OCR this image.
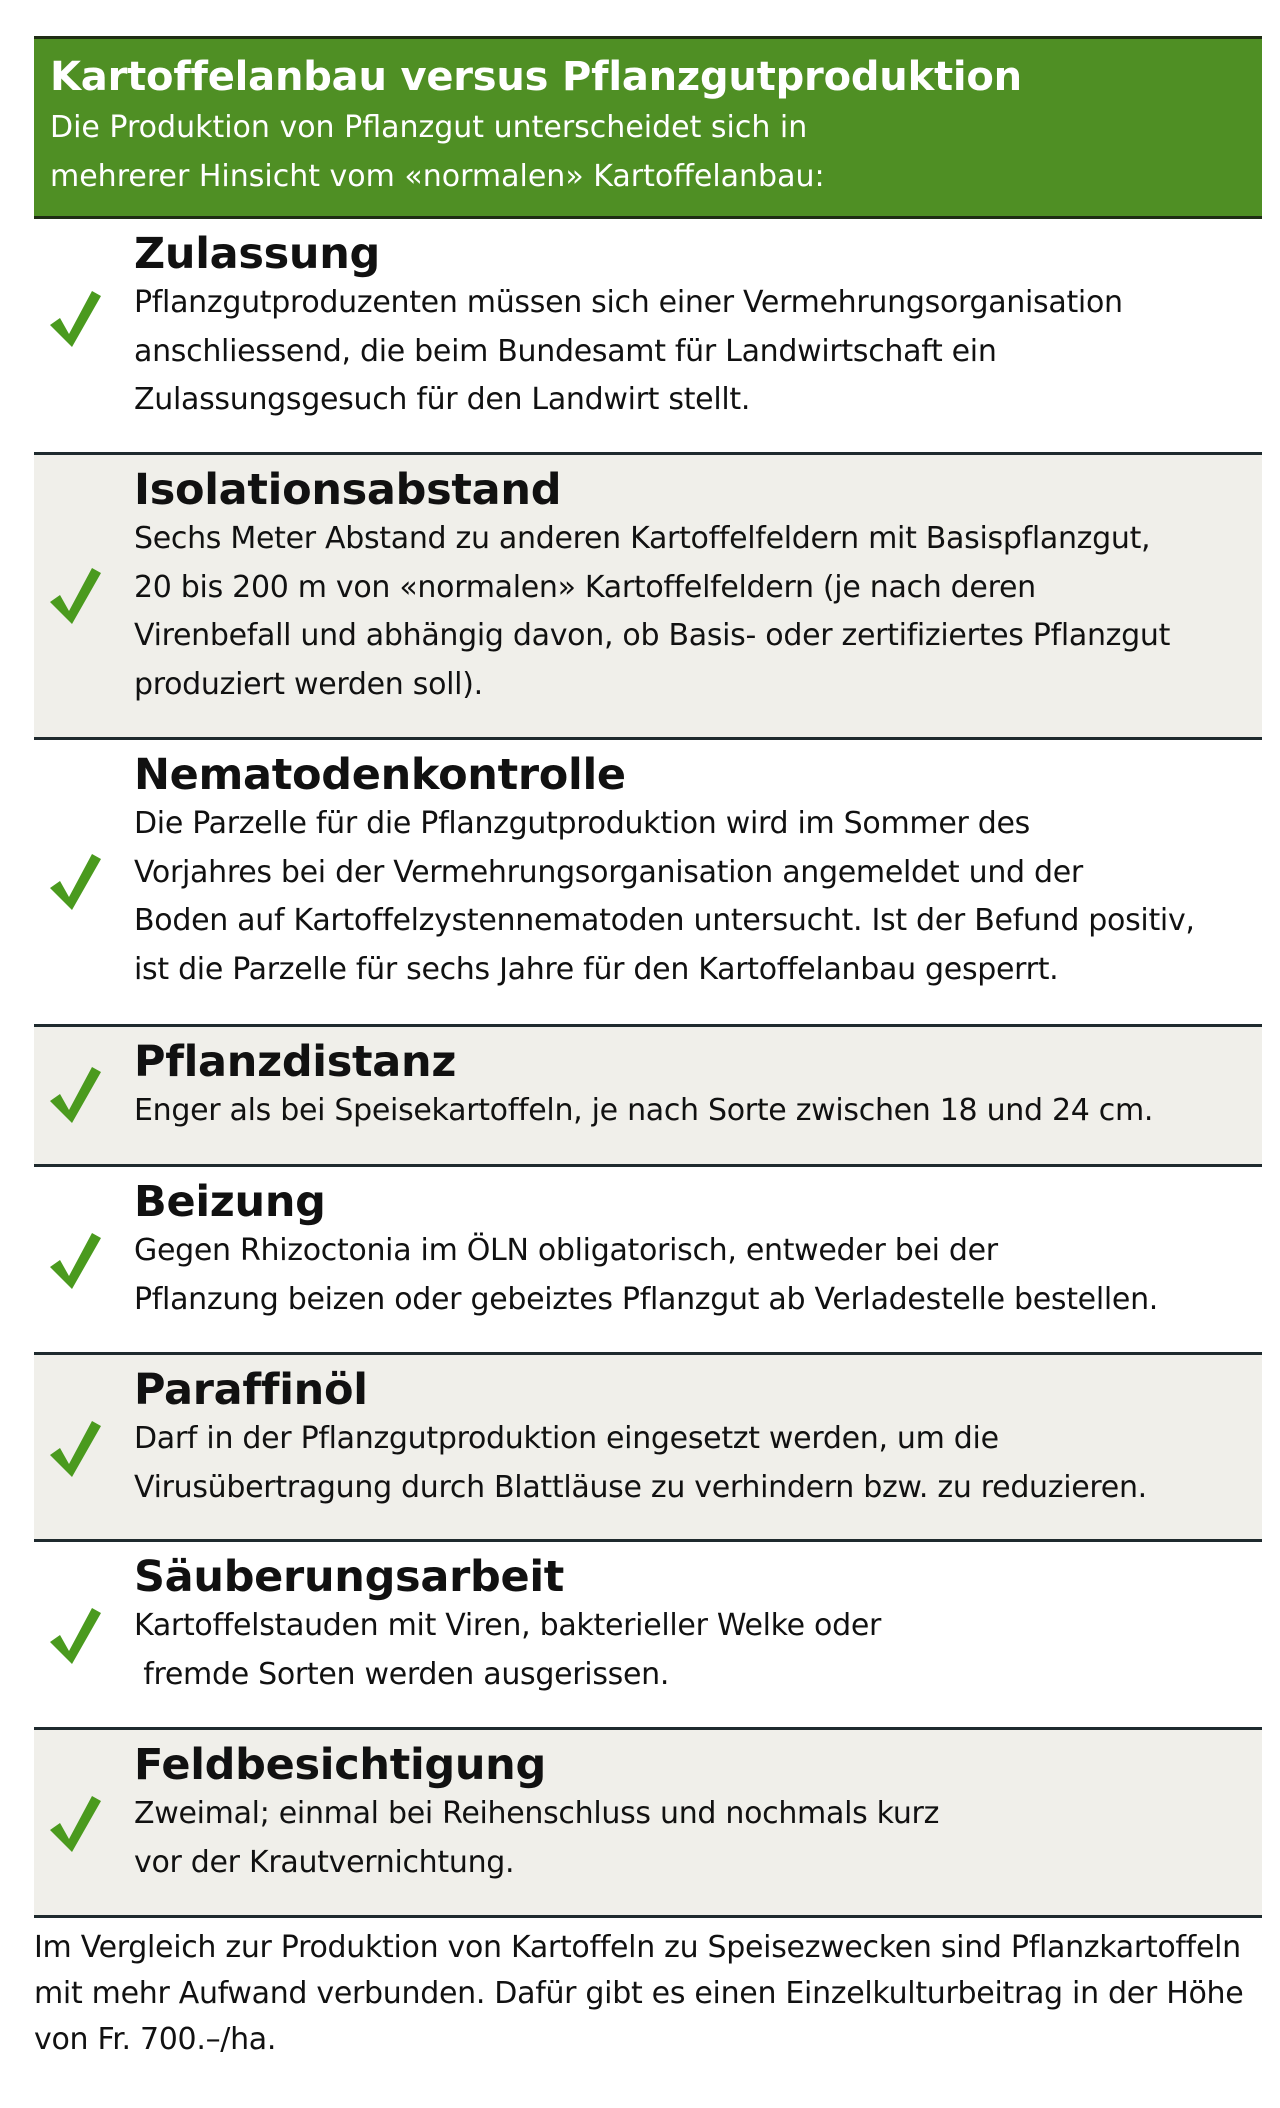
Kartoffelanbau versus Pflanzgutproduktion
Die Produktion von Pflanzgut unterscheidet sich in
mehrerer Hinsicht vom «normalen» Kartoffelanbau:
Zulassung
Pflanzgutproduzenten müssen sich einer Vermehrungsorganisation
anschliessend, die beim Bundesamt für Landwirtschaft ein
Zulassungsgesuch für den Landwirt stellt.
Isolationsabstand
Sechs Meter Abstand zu anderen Kartoffelfeldern mit Basispflanzgut,
20 bis 200 m von «normalen» Kartoffelfeldern (je nach deren
Virenbefall und abhängig davon, ob Basis- oder zertifiziertes Pflanzgut
produziert werden soll).
Nematodenkontrolle
Die Parzelle für die Pflanzgutproduktion wird im Sommer des
Vorjahres bei der Vermehrungsorganisation angemeldet und der
Boden auf Kartoffelzystennematoden untersucht. Ist der Befund positiv,
ist die Parzelle für sechs Jahre für den Kartoffelanbau gesperrt.
Pflanzdistanz
Enger als bei Speisekartoffeln, je nach Sorte zwischen 18 und 24 cm.
Beizung
Gegen Rhizoctonia im ÖLN obligatorisch, entweder bei der
Pflanzung beizen oder gebeiztes Pflanzgut ab Verladestelle bestellen.
Paraffinöl
Darf in der Pflanzgutproduktion eingesetzt werden, um die
Virusübertragung durch Blattläuse zu verhindern bzw. zu reduzieren.
Säuberungsarbeit
Kartoffelstauden mit Viren, bakterieller Welke oder
fremde Sorten werden ausgerissen.
Feldbesichtigung
Zweimal; einmal bei Reihenschluss und nochmals kurz
vor der Krautvernichtung.
Im Vergleich zur Produktion von Kartoffeln zu Speisezwecken sind Pflanzkartoffeln
mit mehr Aufwand verbunden. Dafür gibt es einen Einzelkulturbeitrag in der Höhe
von Fr. 700.–/ha.
